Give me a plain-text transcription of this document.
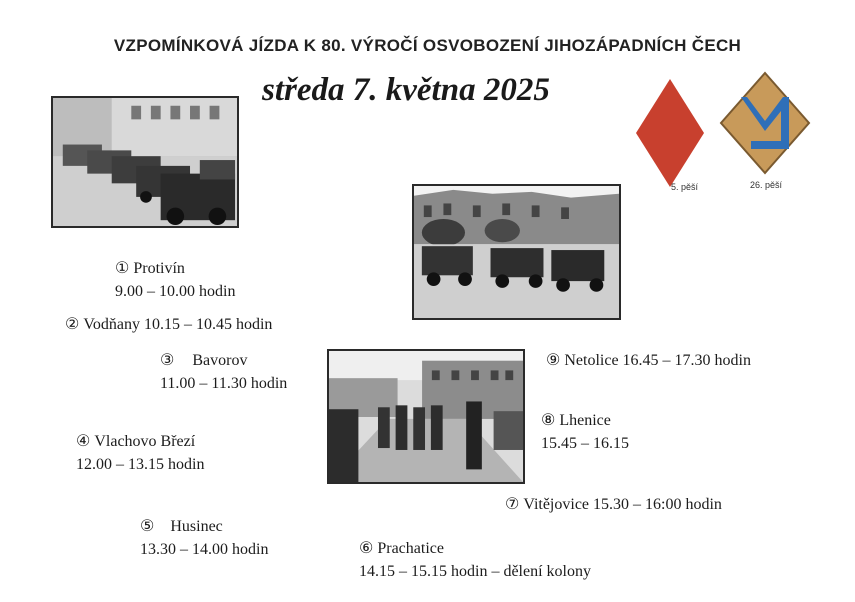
VZPOMÍNKOVÁ JÍZDA K 80. VÝROČÍ OSVOBOZENÍ JIHOZÁPADNÍCH ČECH
středa 7. května 2025
5. pěší	26. pěší
① Protivín
9.00 – 10.00 hodin
② Vodňany 10.15 – 10.45 hodin
③ Bavorov
11.00 – 11.30 hodin
④ Vlachovo Březí
12.00 – 13.15 hodin
⑤ Husinec
13.30 – 14.00 hodin	⑥ Prachatice
14.15 – 15.15 hodin – dělení kolony
⑦ Vitějovice 15.30 – 16:00 hodin
⑧ Lhenice
15.45 – 16.15
⑨ Netolice 16.45 – 17.30 hodin
